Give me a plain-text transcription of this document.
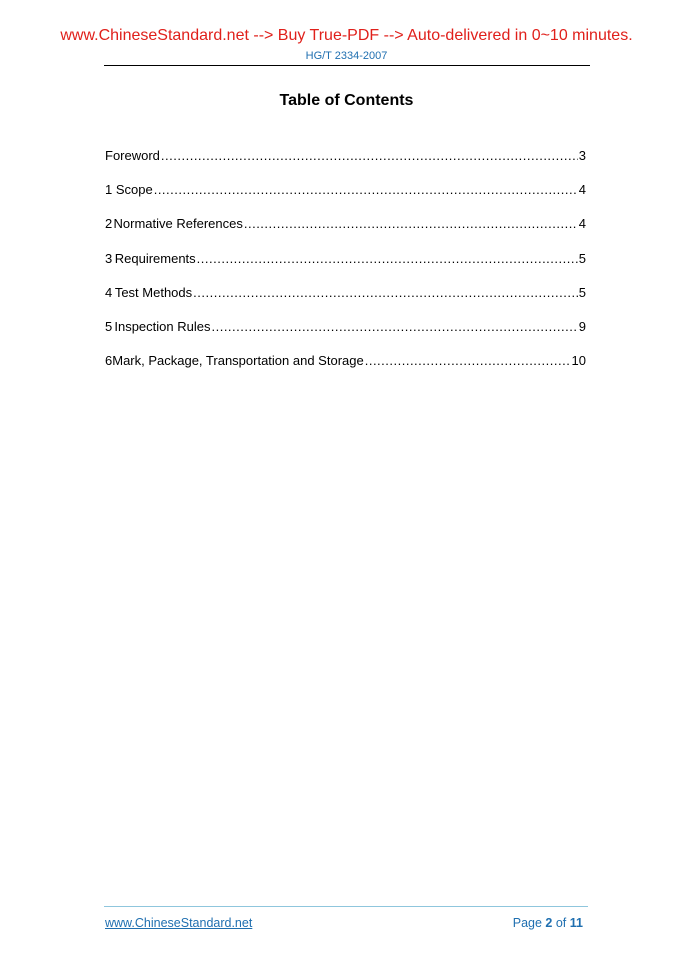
www.ChineseStandard.net --> Buy True-PDF --> Auto-delivered in 0~10 minutes.
HG/T 2334-2007
Table of Contents
Foreword .....	3
1 Scope .....	4
2 Normative References .....	4
3 Requirements .....	5
4 Test Methods .....	5
5 Inspection Rules .....	9
6 Mark, Package, Transportation and Storage .....	10
www.ChineseStandard.net	Page 2 of 11
